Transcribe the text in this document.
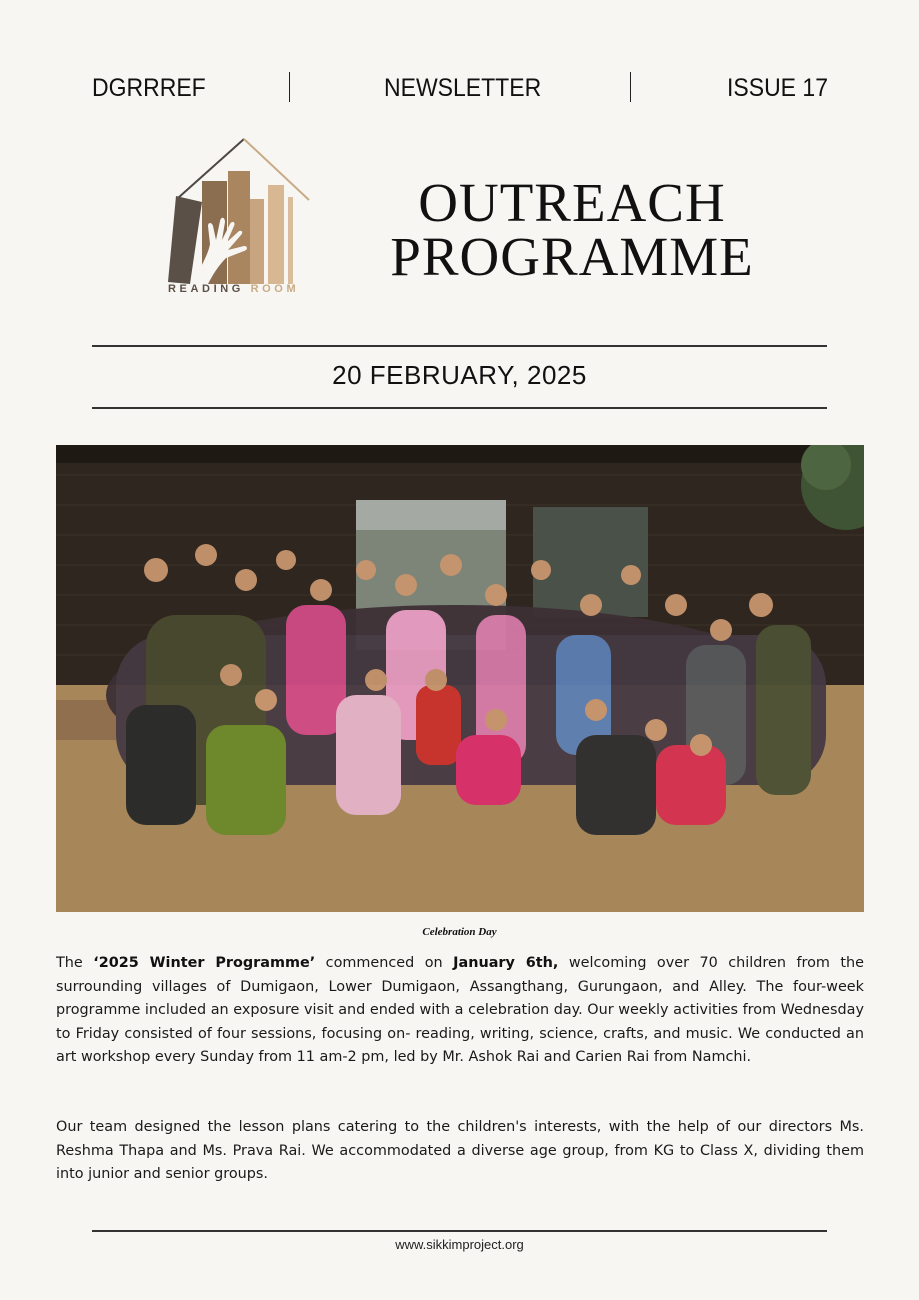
DGRRREF	NEWSLETTER	ISSUE 17
READING ROOM
OUTREACH
PROGRAMME
20 FEBRUARY, 2025
Celebration Day

The ‘2025 Winter Programme’ commenced on January 6th, welcoming over 70 children from the surrounding villages of Dumigaon, Lower Dumigaon, Assangthang, Gurungaon, and Alley. The four-week programme included an exposure visit and ended with a celebration day. Our weekly activities from Wednesday to Friday consisted of four sessions, focusing on- reading, writing, science, crafts, and music. We conducted an art workshop every Sunday from 11 am-2 pm, led by Mr. Ashok Rai and Carien Rai from Namchi.

Our team designed the lesson plans catering to the children's interests, with the help of our directors Ms. Reshma Thapa and Ms. Prava Rai. We accommodated a diverse age group, from KG to Class X, dividing them into junior and senior groups.

www.sikkimproject.org
